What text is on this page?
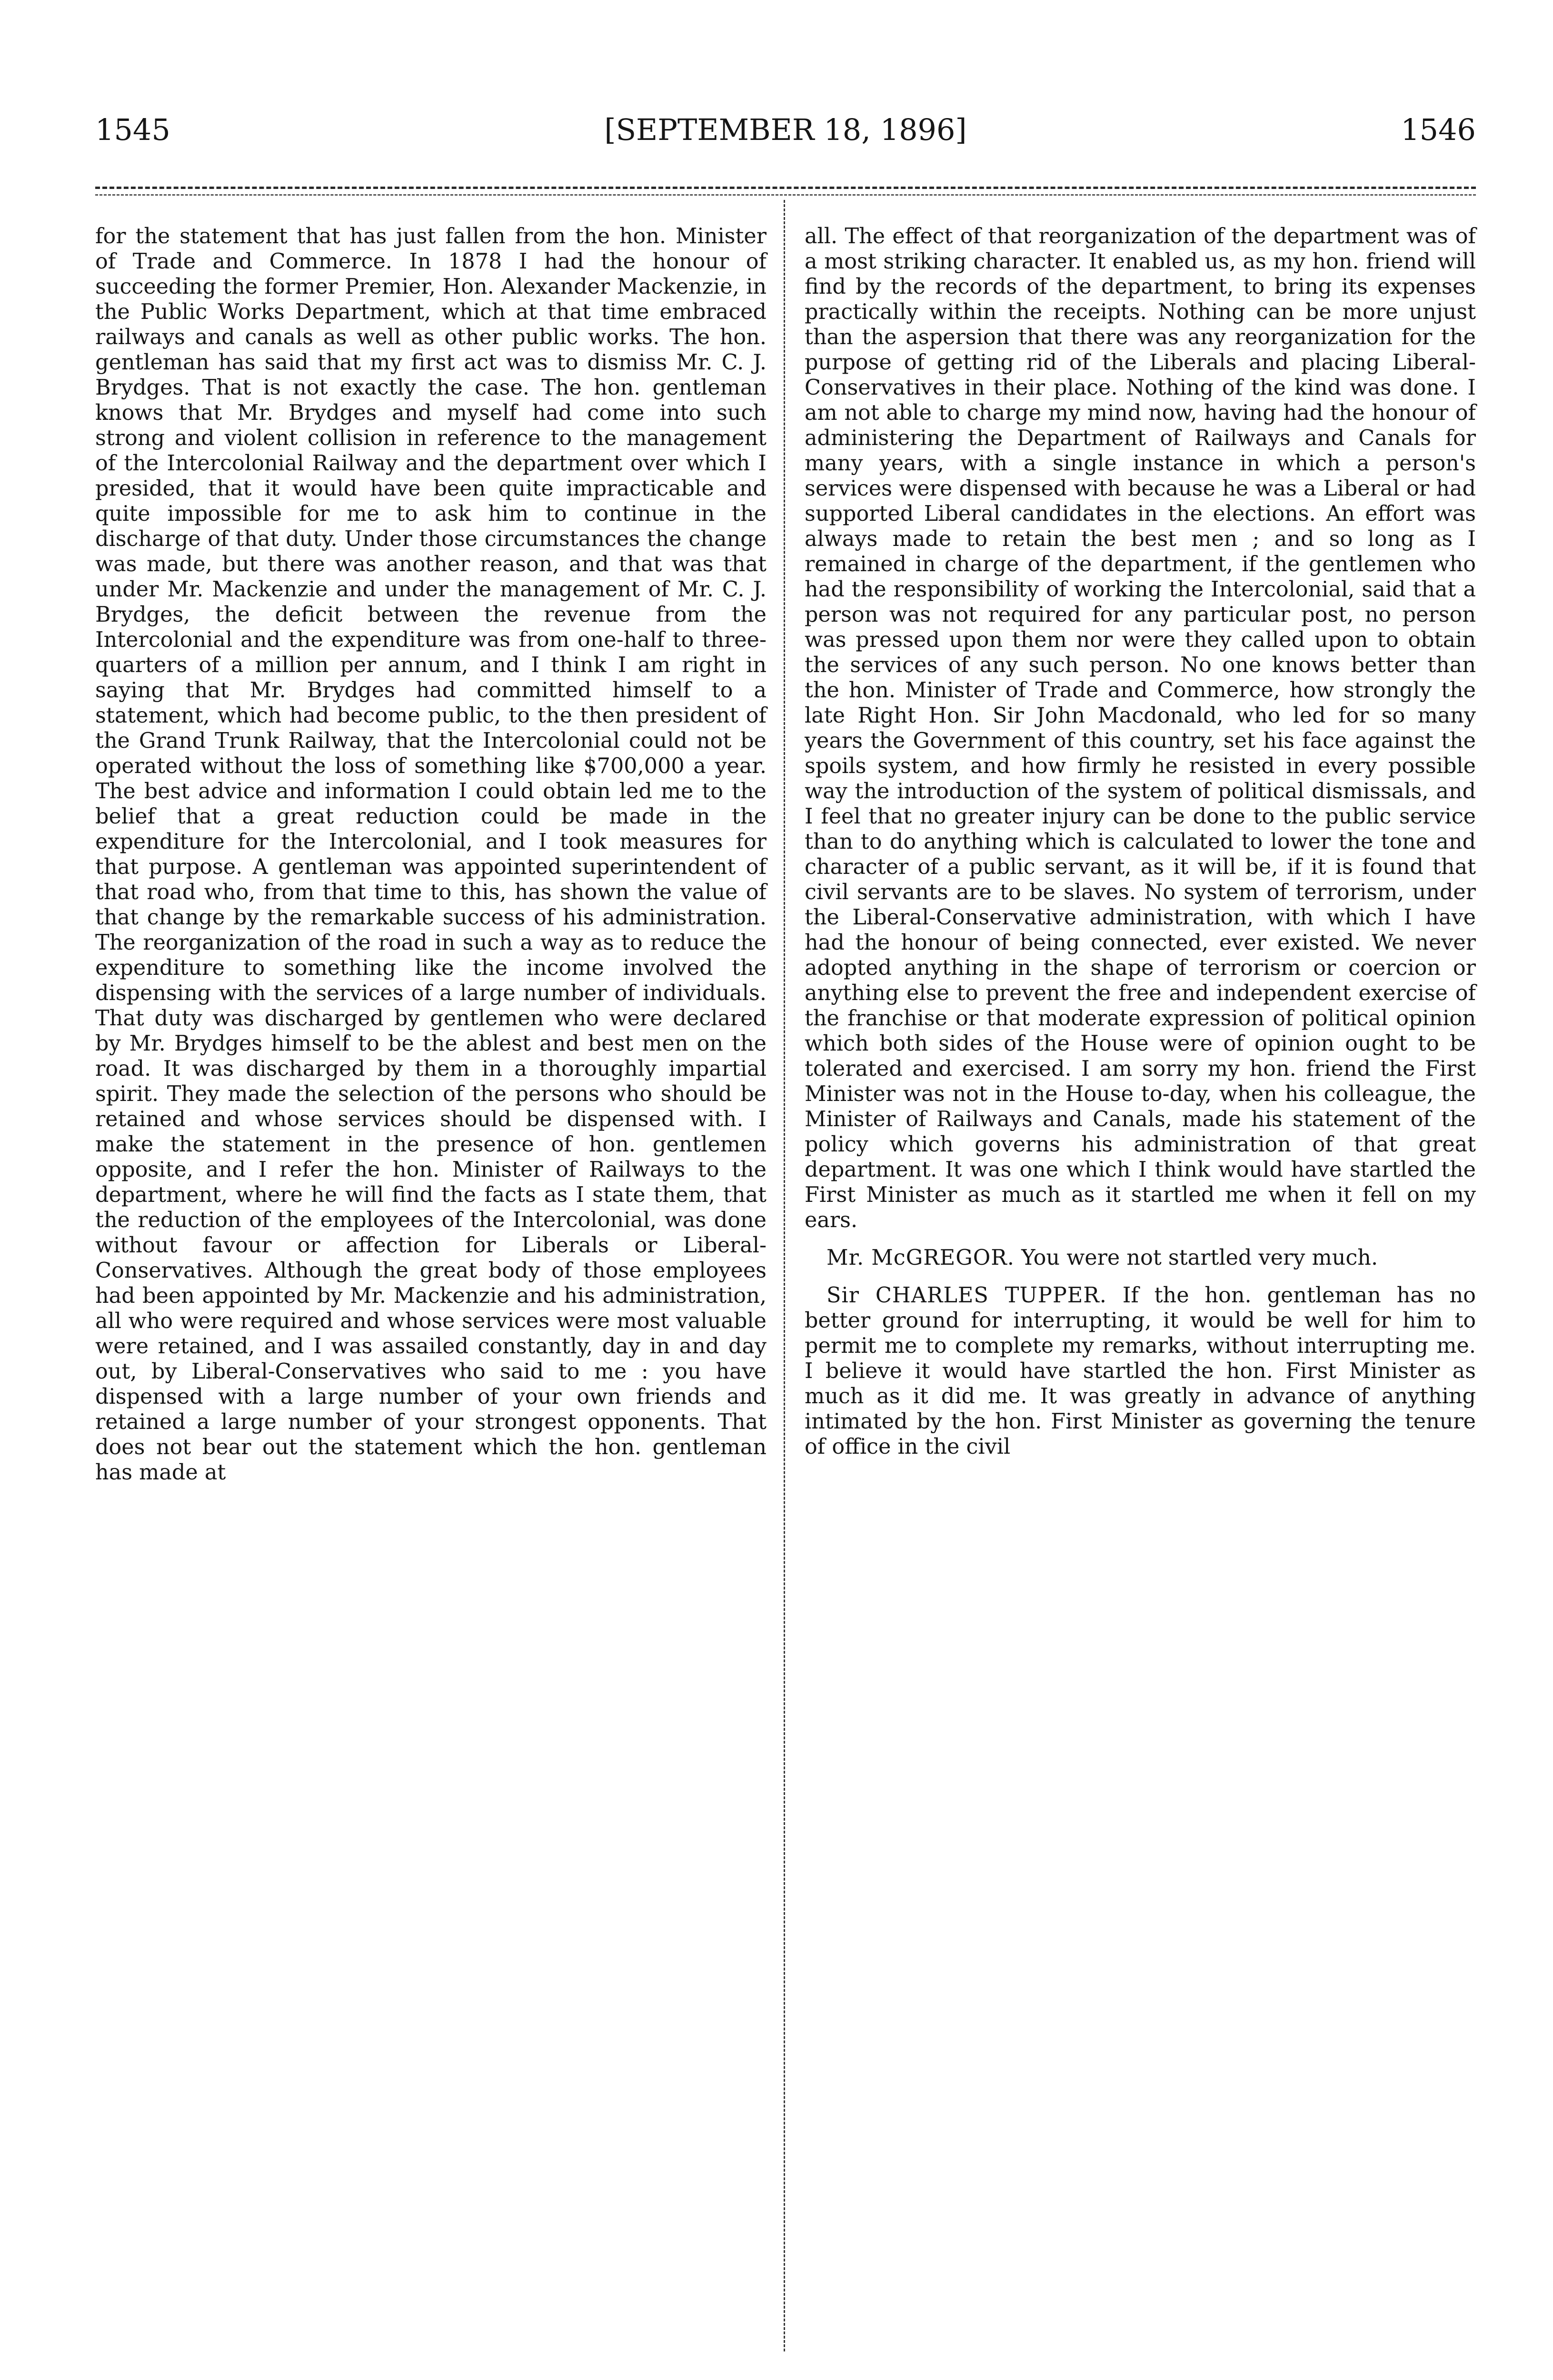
1545	[SEPTEMBER 18, 1896]	1546

for the statement that has just fallen from the hon. Minister of Trade and Commerce. In 1878 I had the honour of succeeding the former Premier, Hon. Alexander Mackenzie, in the Public Works Department, which at that time embraced railways and canals as well as other public works. The hon. gentleman has said that my first act was to dismiss Mr. C. J. Brydges. That is not exactly the case. The hon. gentleman knows that Mr. Brydges and myself had come into such strong and violent collision in reference to the management of the Intercolonial Railway and the department over which I presided, that it would have been quite impracticable and quite impossible for me to ask him to continue in the discharge of that duty. Under those circumstances the change was made, but there was another reason, and that was that under Mr. Mackenzie and under the management of Mr. C. J. Brydges, the deficit between the revenue from the Intercolonial and the expenditure was from one-half to three-quarters of a million per annum, and I think I am right in saying that Mr. Brydges had committed himself to a statement, which had become public, to the then president of the Grand Trunk Railway, that the Intercolonial could not be operated without the loss of something like $700,000 a year. The best advice and information I could obtain led me to the belief that a great reduction could be made in the expenditure for the Intercolonial, and I took measures for that purpose. A gentleman was appointed superintendent of that road who, from that time to this, has shown the value of that change by the remarkable success of his administration. The reorganization of the road in such a way as to reduce the expenditure to something like the income involved the dispensing with the services of a large number of individuals. That duty was discharged by gentlemen who were declared by Mr. Brydges himself to be the ablest and best men on the road. It was discharged by them in a thoroughly impartial spirit. They made the selection of the persons who should be retained and whose services should be dispensed with. I make the statement in the presence of hon. gentlemen opposite, and I refer the hon. Minister of Railways to the department, where he will find the facts as I state them, that the reduction of the employees of the Intercolonial, was done without favour or affection for Liberals or Liberal-Conservatives. Although the great body of those employees had been appointed by Mr. Mackenzie and his administration, all who were required and whose services were most valuable were retained, and I was assailed constantly, day in and day out, by Liberal-Conservatives who said to me : you have dispensed with a large number of your own friends and retained a large number of your strongest opponents. That does not bear out the statement which the hon. gentleman has made at

all. The effect of that reorganization of the department was of a most striking character. It enabled us, as my hon. friend will find by the records of the department, to bring its expenses practically within the receipts. Nothing can be more unjust than the aspersion that there was any reorganization for the purpose of getting rid of the Liberals and placing Liberal-Conservatives in their place. Nothing of the kind was done. I am not able to charge my mind now, having had the honour of administering the Department of Railways and Canals for many years, with a single instance in which a person's services were dispensed with because he was a Liberal or had supported Liberal candidates in the elections. An effort was always made to retain the best men ; and so long as I remained in charge of the department, if the gentlemen who had the responsibility of working the Intercolonial, said that a person was not required for any particular post, no person was pressed upon them nor were they called upon to obtain the services of any such person. No one knows better than the hon. Minister of Trade and Commerce, how strongly the late Right Hon. Sir John Macdonald, who led for so many years the Government of this country, set his face against the spoils system, and how firmly he resisted in every possible way the introduction of the system of political dismissals, and I feel that no greater injury can be done to the public service than to do anything which is calculated to lower the tone and character of a public servant, as it will be, if it is found that civil servants are to be slaves. No system of terrorism, under the Liberal-Conservative administration, with which I have had the honour of being connected, ever existed. We never adopted anything in the shape of terrorism or coercion or anything else to prevent the free and independent exercise of the franchise or that moderate expression of political opinion which both sides of the House were of opinion ought to be tolerated and exercised. I am sorry my hon. friend the First Minister was not in the House to-day, when his colleague, the Minister of Railways and Canals, made his statement of the policy which governs his administration of that great department. It was one which I think would have startled the First Minister as much as it startled me when it fell on my ears.

Mr. McGREGOR. You were not startled very much.

Sir CHARLES TUPPER. If the hon. gentleman has no better ground for interrupting, it would be well for him to permit me to complete my remarks, without interrupting me. I believe it would have startled the hon. First Minister as much as it did me. It was greatly in advance of anything intimated by the hon. First Minister as governing the tenure of office in the civil
